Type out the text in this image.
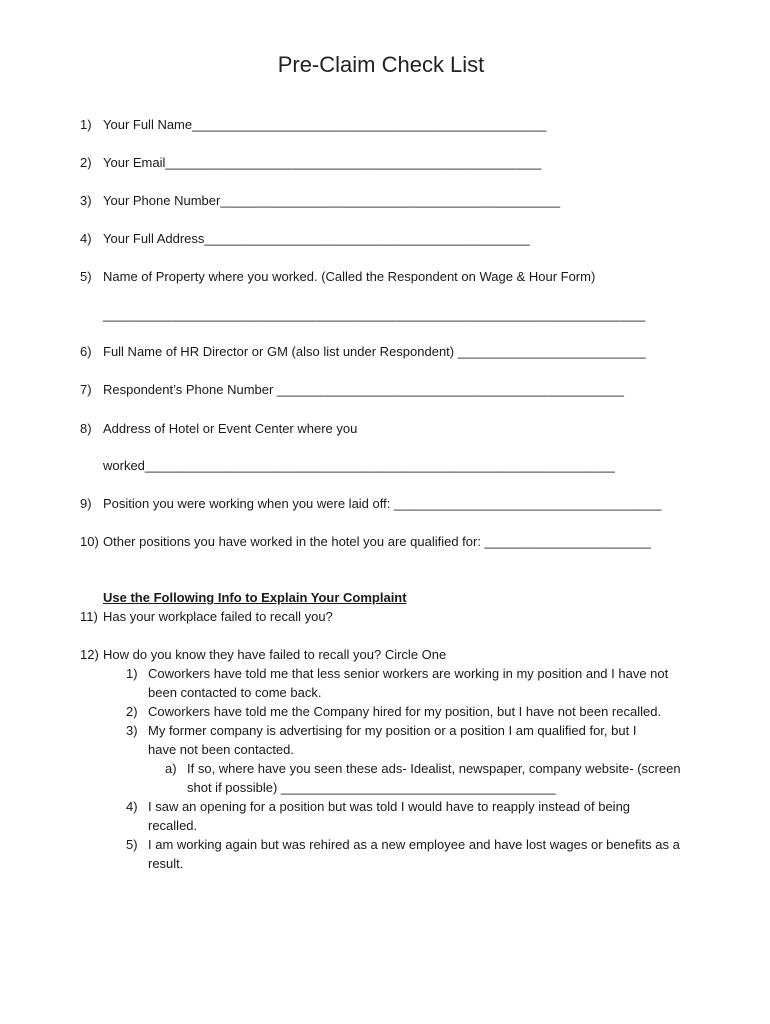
Pre-Claim Check List
1) Your Full Name_________________________________________________
2) Your Email____________________________________________________
3) Your Phone Number_______________________________________________
4) Your Full Address_____________________________________________
5) Name of Property where you worked. (Called the Respondent on Wage & Hour Form)
___________________________________________________________________________
6) Full Name of HR Director or GM (also list under Respondent) __________________________
7) Respondent’s Phone Number ________________________________________________
8) Address of Hotel or Event Center where you
worked_________________________________________________________________
9) Position you were working when you were laid off: _____________________________________
10) Other positions you have worked in the hotel you are qualified for: _______________________
Use the Following Info to Explain Your Complaint
11) Has your workplace failed to recall you?
12) How do you know they have failed to recall you? Circle One
1) Coworkers have told me that less senior workers are working in my position and I have not
been contacted to come back.
2) Coworkers have told me the Company hired for my position, but I have not been recalled.
3) My former company is advertising for my position or a position I am qualified for, but I
have not been contacted.
a) If so, where have you seen these ads- Idealist, newspaper, company website- (screen
shot if possible) ______________________________________
4) I saw an opening for a position but was told I would have to reapply instead of being
recalled.
5) I am working again but was rehired as a new employee and have lost wages or benefits as a
result.
